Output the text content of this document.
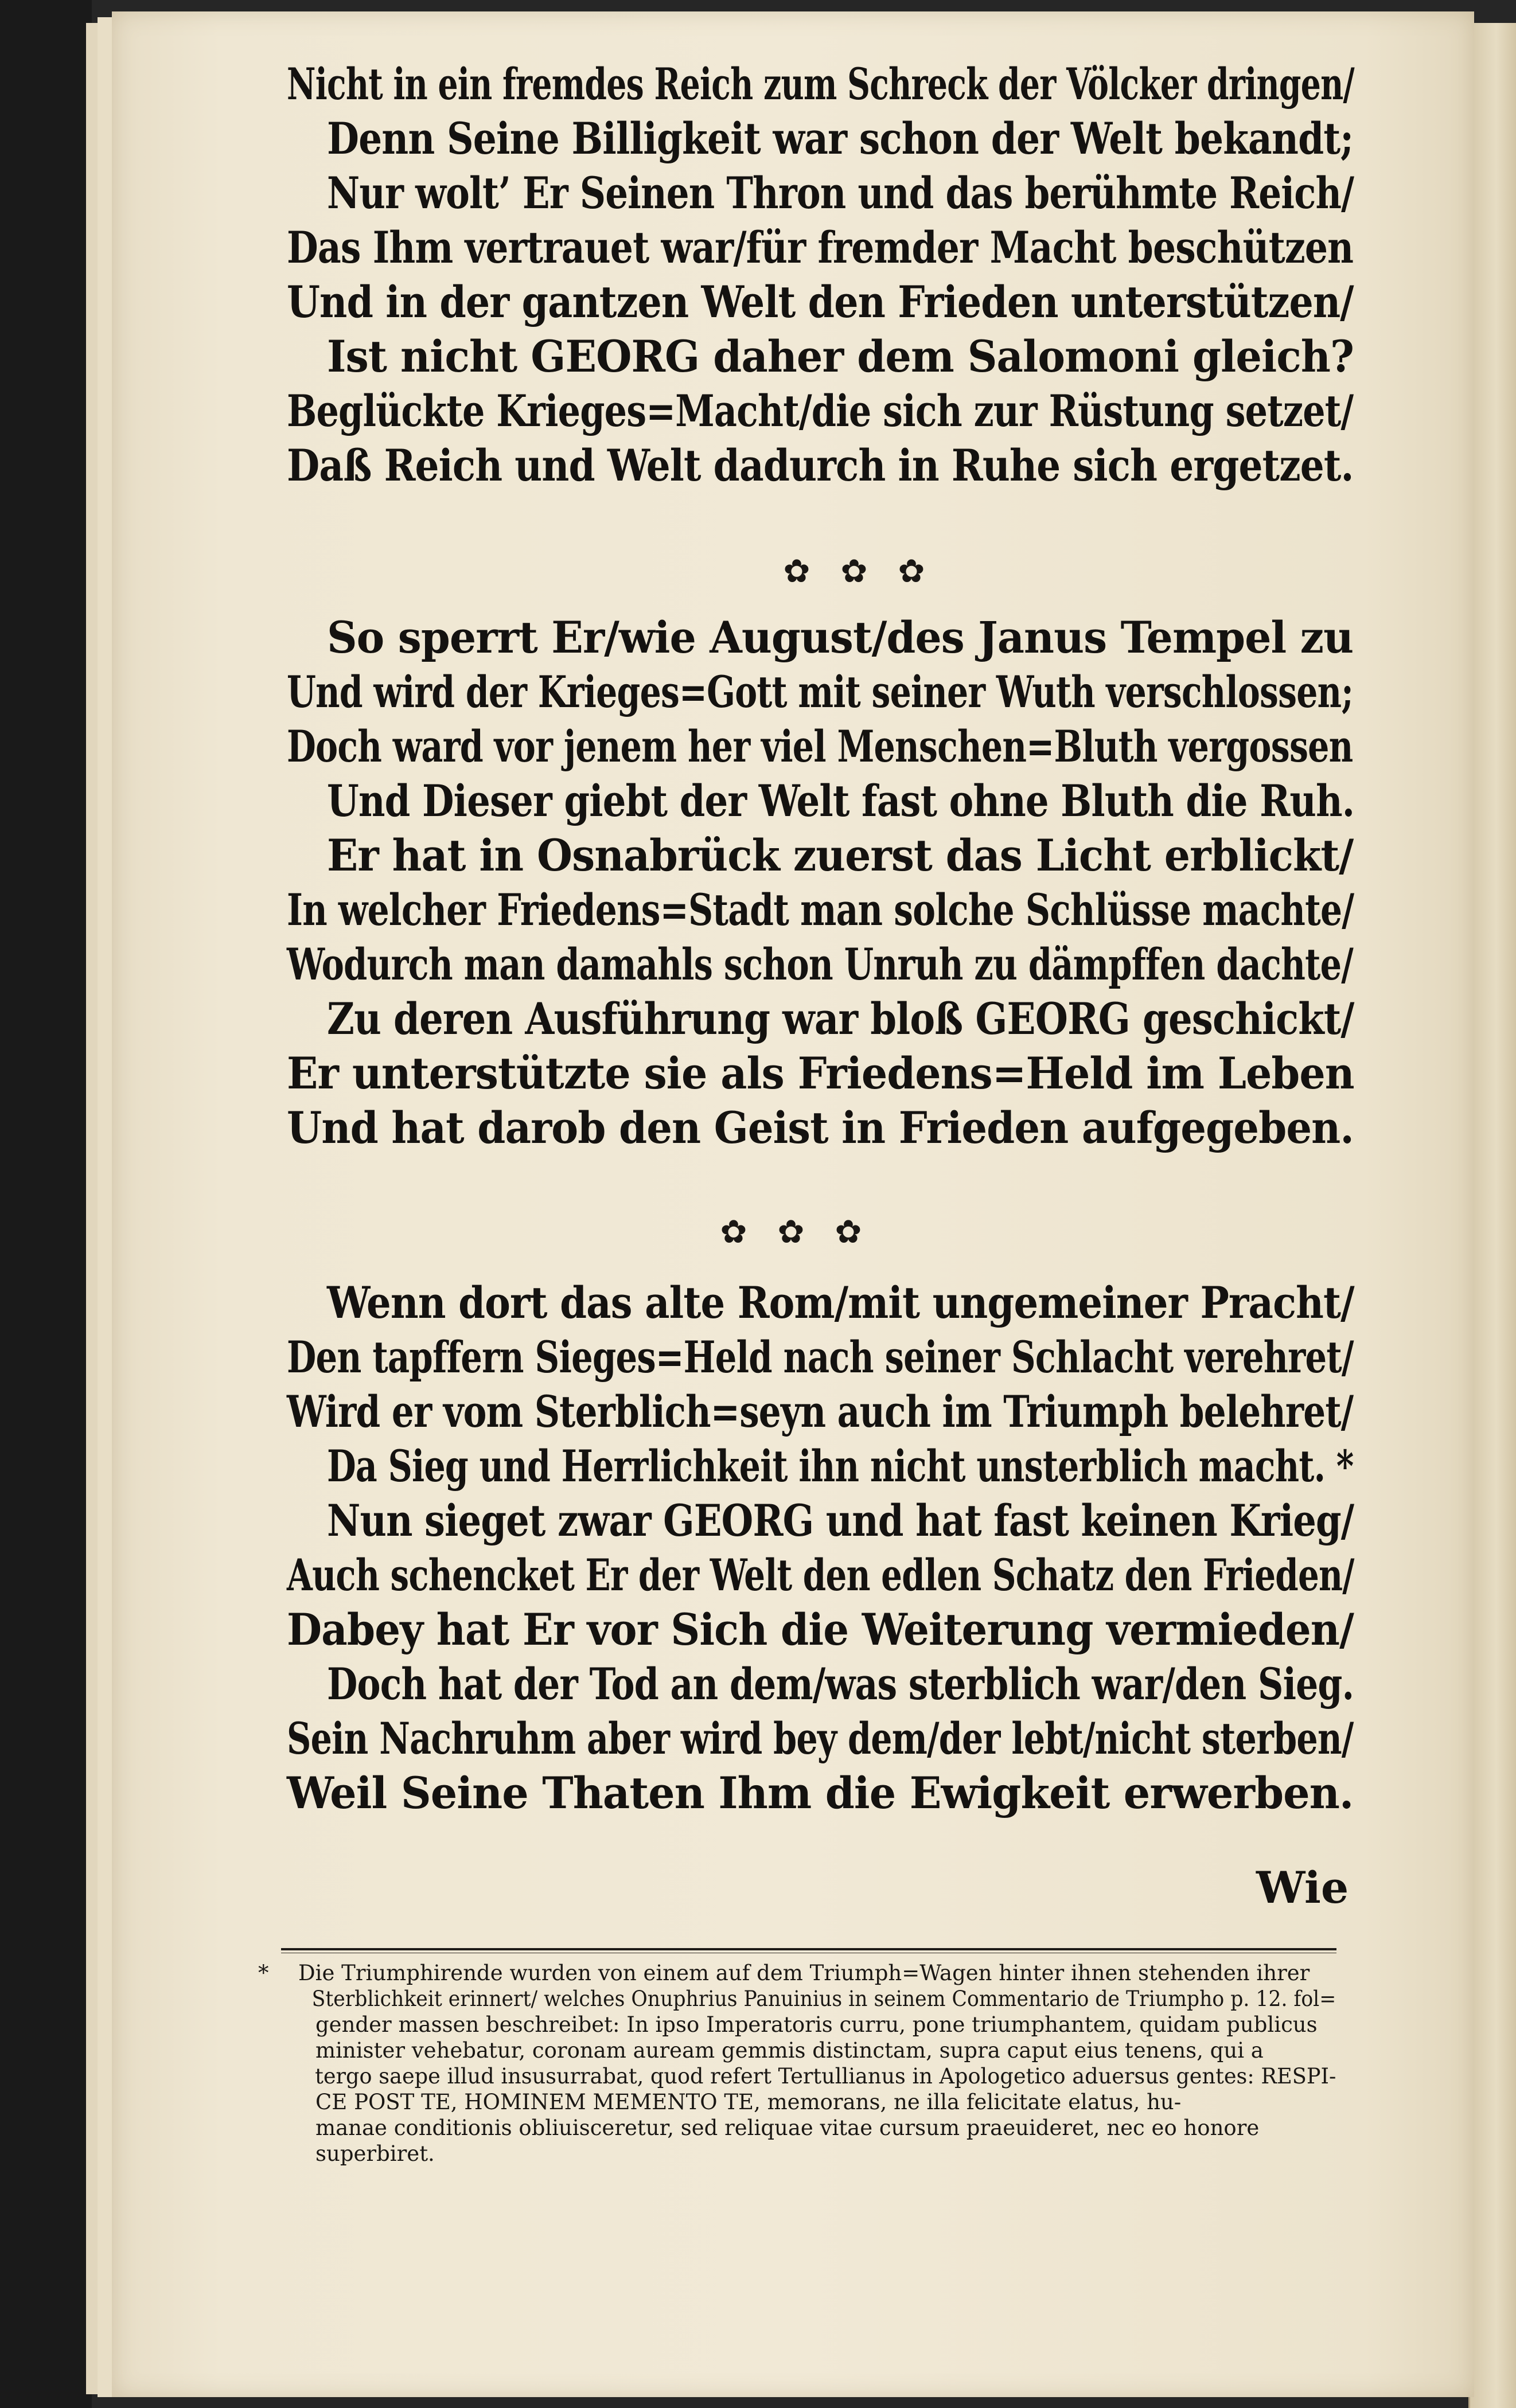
Nicht in ein fremdes Reich zum Schreck der Völcker dringen/
Denn Seine Billigkeit war schon der Welt bekandt;
Nur wolt’ Er Seinen Thron und das berühmte Reich/
Das Ihm vertrauet war/für fremder Macht beschützen
Und in der gantzen Welt den Frieden unterstützen/
Ist nicht GEORG daher dem Salomoni gleich?
Beglückte Krieges=Macht/die sich zur Rüstung setzet/
Daß Reich und Welt dadurch in Ruhe sich ergetzet.
✿ ✿ ✿
So sperrt Er/wie August/des Janus Tempel zu
Und wird der Krieges=Gott mit seiner Wuth verschlossen;
Doch ward vor jenem her viel Menschen=Bluth vergossen
Und Dieser giebt der Welt fast ohne Bluth die Ruh.
Er hat in Osnabrück zuerst das Licht erblickt/
In welcher Friedens=Stadt man solche Schlüsse machte/
Wodurch man damahls schon Unruh zu dämpffen dachte/
Zu deren Ausführung war bloß GEORG geschickt/
Er unterstützte sie als Friedens=Held im Leben
Und hat darob den Geist in Frieden aufgegeben.
✿ ✿ ✿
Wenn dort das alte Rom/mit ungemeiner Pracht/
Den tapffern Sieges=Held nach seiner Schlacht verehret/
Wird er vom Sterblich=seyn auch im Triumph belehret/
Da Sieg und Herrlichkeit ihn nicht unsterblich macht. *
Nun sieget zwar GEORG und hat fast keinen Krieg/
Auch schencket Er der Welt den edlen Schatz den Frieden/
Dabey hat Er vor Sich die Weiterung vermieden/
Doch hat der Tod an dem/was sterblich war/den Sieg.
Sein Nachruhm aber wird bey dem/der lebt/nicht sterben/
Weil Seine Thaten Ihm die Ewigkeit erwerben.
Wie
* Die Triumphirende wurden von einem auf dem Triumph=Wagen hinter ihnen stehenden ihrer
Sterblichkeit erinnert/ welches Onuphrius Panuinius in seinem Commentario de Triumpho p. 12. fol=
gender massen beschreibet: In ipso Imperatoris curru, pone triumphantem, quidam publicus
minister vehebatur, coronam auream gemmis distinctam, supra caput eius tenens, qui a
tergo saepe illud insusurrabat, quod refert Tertullianus in Apologetico aduersus gentes: RESPI-
CE POST TE, HOMINEM MEMENTO TE, memorans, ne illa felicitate elatus, hu-
manae conditionis obliuisceretur, sed reliquae vitae cursum praeuideret, nec eo honore
superbiret.
